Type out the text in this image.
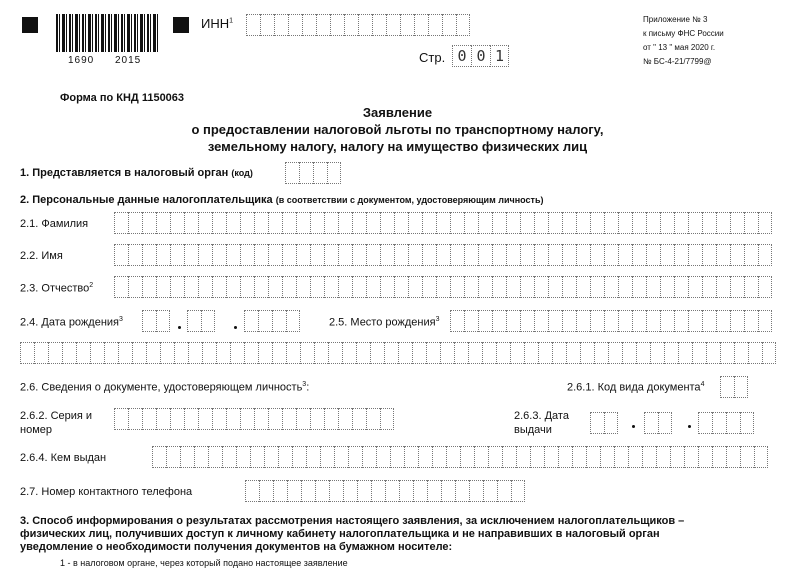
1690 2015
ИНН$^1$
Стр. 0 0 1
Приложение № 3
к письму ФНС России
от " 13 " мая 2020 г.
№ БС-4-21/7799@
Форма по КНД 1150063
Заявление
о предоставлении налоговой льготы по транспортному налогу,
земельному налогу, налогу на имущество физических лиц
1. Представляется в налоговый орган (код)
2. Персональные данные налогоплательщика (в соответствии с документом, удостоверяющим личность)
2.1. Фамилия
2.2. Имя
2.3. Отчество$^2$
2.4. Дата рождения$^3$	2.5. Место рождения$^3$
2.6. Сведения о документе, удостоверяющем личность$^3$:	2.6.1. Код вида документа$^4$
2.6.2. Серия и
номер
2.6.3. Дата
выдачи
2.6.4. Кем выдан
2.7. Номер контактного телефона
3. Способ информирования о результатах рассмотрения настоящего заявления, за исключением налогоплательщиков –
физических лиц, получивших доступ к личному кабинету налогоплательщика и не направивших в налоговый орган
уведомление о необходимости получения документов на бумажном носителе:
1 - в налоговом органе, через который подано настоящее заявление
